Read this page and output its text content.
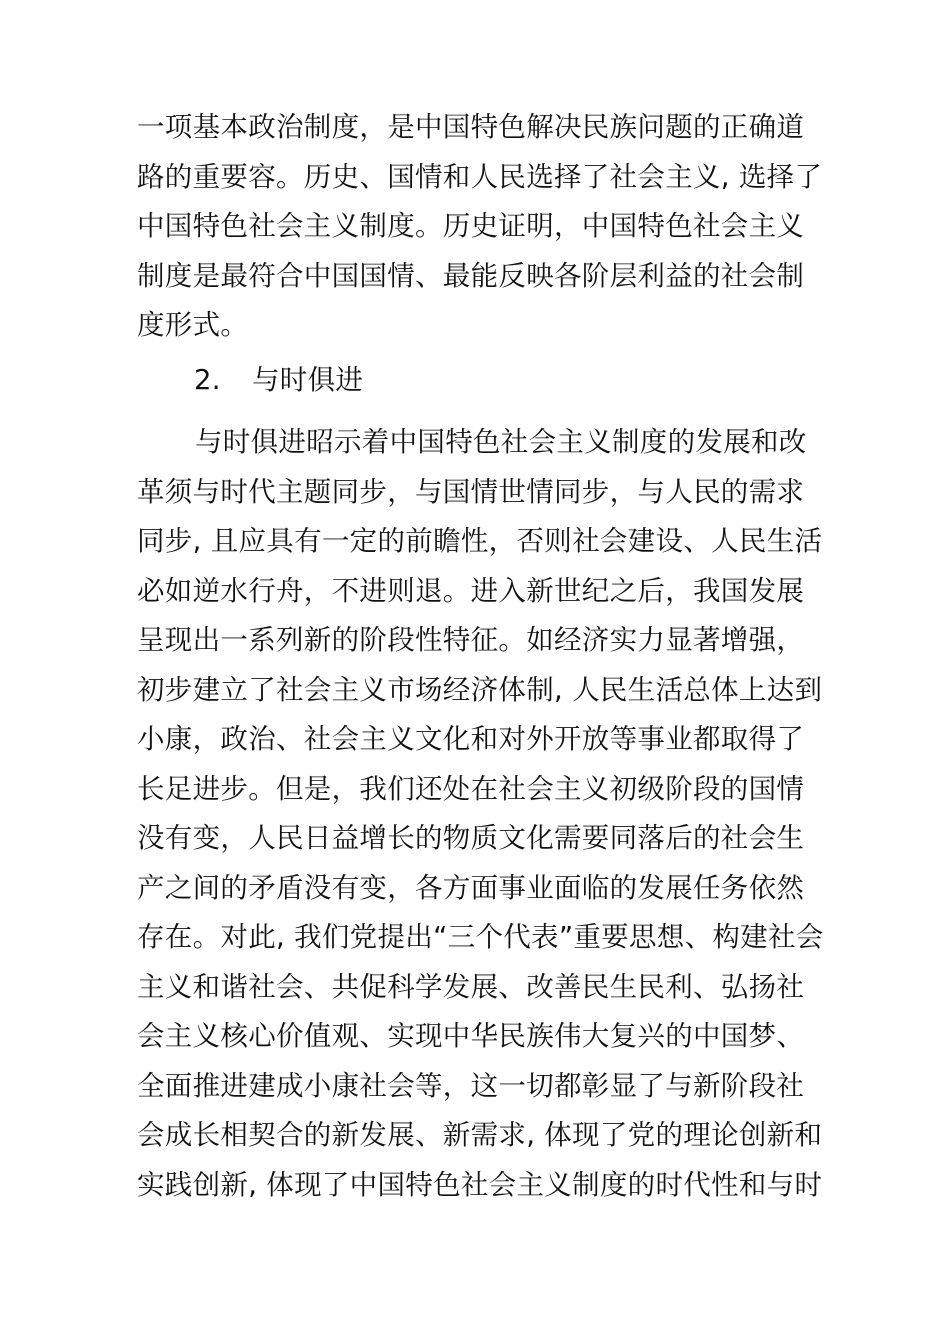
一项基本政治制度，是中国特色解决民族问题的正确道
路的重要容。历史、国情和人民选择了社会主义, 选择了
中国特色社会主义制度。历史证明，中国特色社会主义
制度是最符合中国国情、最能反映各阶层利益的社会制
度形式。
2. 与时俱进
与时俱进昭示着中国特色社会主义制度的发展和改
革须与时代主题同步，与国情世情同步，与人民的需求
同步, 且应具有一定的前瞻性，否则社会建设、人民生活
必如逆水行舟，不进则退。进入新世纪之后，我国发展
呈现出一系列新的阶段性特征。如经济实力显著增强，
初步建立了社会主义市场经济体制, 人民生活总体上达到
小康，政治、社会主义文化和对外开放等事业都取得了
长足进步。但是，我们还处在社会主义初级阶段的国情
没有变，人民日益增长的物质文化需要同落后的社会生
产之间的矛盾没有变，各方面事业面临的发展任务依然
存在。对此, 我们党提出“三个代表”重要思想、构建社会
主义和谐社会、共促科学发展、改善民生民利、弘扬社
会主义核心价值观、实现中华民族伟大复兴的中国梦、
全面推进建成小康社会等，这一切都彰显了与新阶段社
会成长相契合的新发展、新需求, 体现了党的理论创新和
实践创新, 体现了中国特色社会主义制度的时代性和与时
